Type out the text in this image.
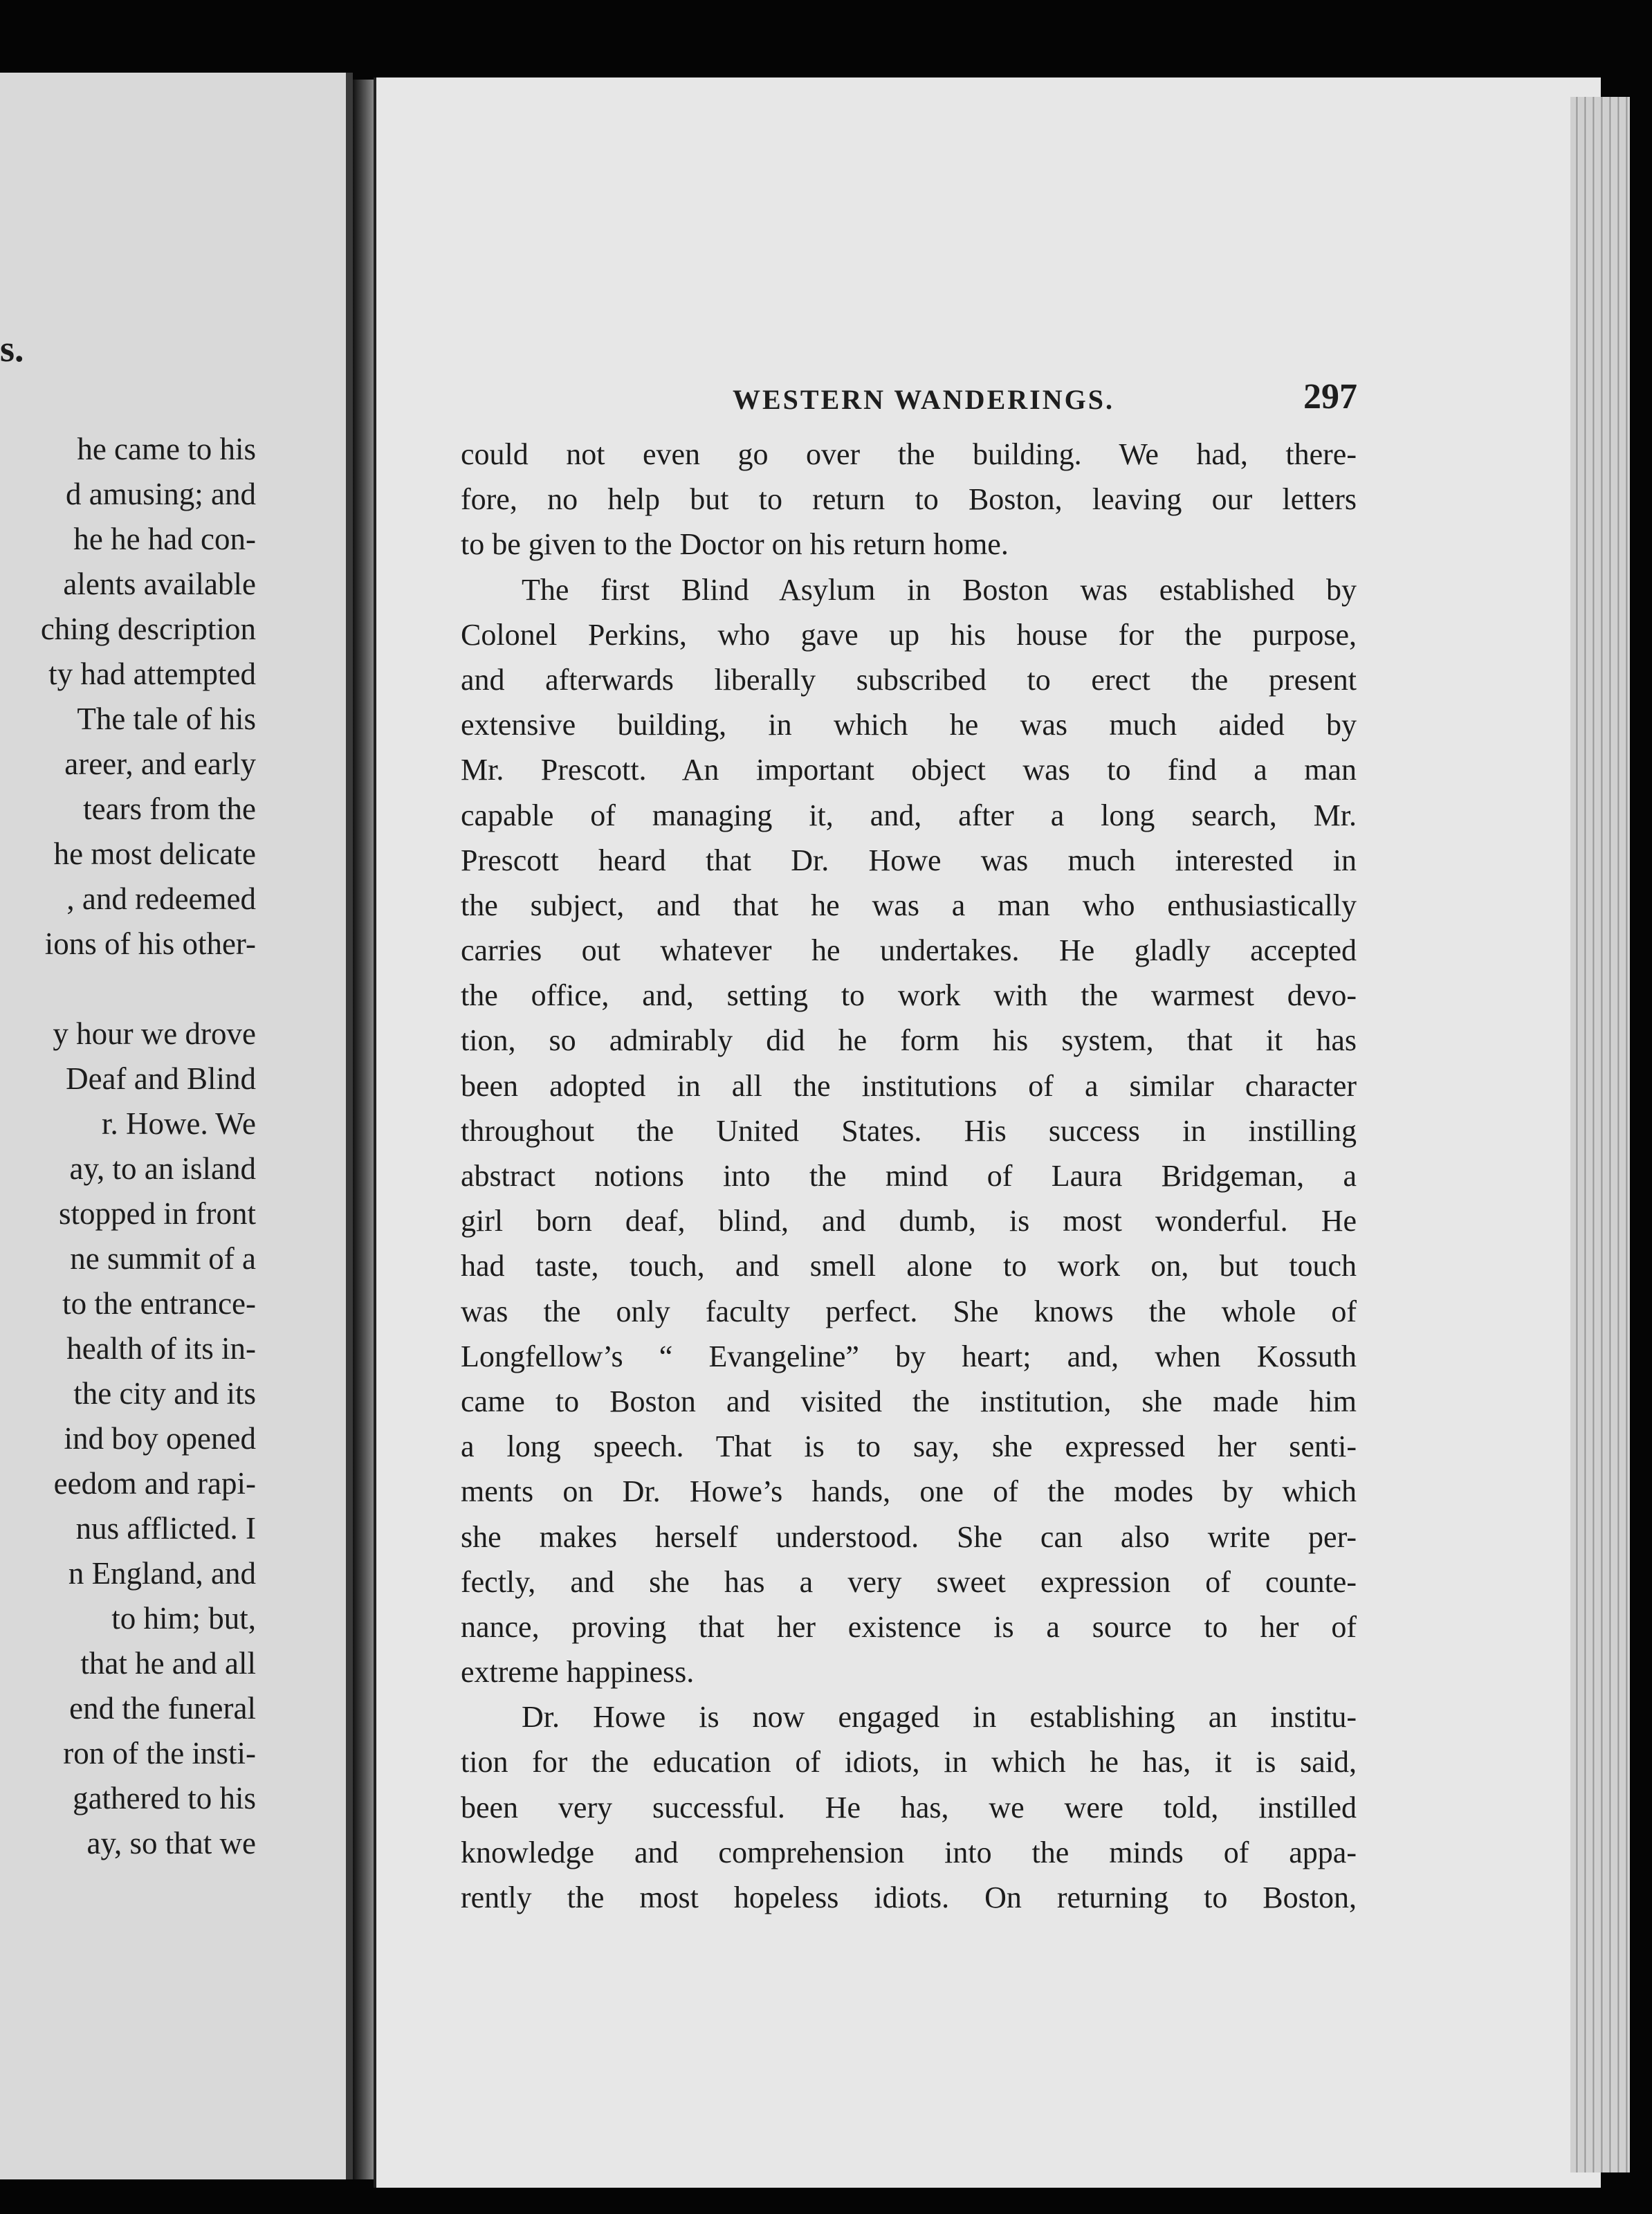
s.
he came to his
d amusing; and
he he had con-
alents available
ching description
ty had attempted
The tale of his
areer, and early
tears from the
he most delicate
, and redeemed
ions of his other-
y hour we drove
Deaf and Blind
r. Howe. We
ay, to an island
stopped in front
ne summit of a
to the entrance-
health of its in-
the city and its
ind boy opened
eedom and rapi-
nus afflicted. I
n England, and
to him; but,
that he and all
end the funeral
ron of the insti-
gathered to his
ay, so that we
WESTERN WANDERINGS.	297
could not even go over the building. We had, there-
fore, no help but to return to Boston, leaving our letters
to be given to the Doctor on his return home.
The first Blind Asylum in Boston was established by
Colonel Perkins, who gave up his house for the purpose,
and afterwards liberally subscribed to erect the present
extensive building, in which he was much aided by
Mr. Prescott. An important object was to find a man
capable of managing it, and, after a long search, Mr.
Prescott heard that Dr. Howe was much interested in
the subject, and that he was a man who enthusiastically
carries out whatever he undertakes. He gladly accepted
the office, and, setting to work with the warmest devo-
tion, so admirably did he form his system, that it has
been adopted in all the institutions of a similar character
throughout the United States. His success in instilling
abstract notions into the mind of Laura Bridgeman, a
girl born deaf, blind, and dumb, is most wonderful. He
had taste, touch, and smell alone to work on, but touch
was the only faculty perfect. She knows the whole of
Longfellow’s “ Evangeline” by heart; and, when Kossuth
came to Boston and visited the institution, she made him
a long speech. That is to say, she expressed her senti-
ments on Dr. Howe’s hands, one of the modes by which
she makes herself understood. She can also write per-
fectly, and she has a very sweet expression of counte-
nance, proving that her existence is a source to her of
extreme happiness.
Dr. Howe is now engaged in establishing an institu-
tion for the education of idiots, in which he has, it is said,
been very successful. He has, we were told, instilled
knowledge and comprehension into the minds of appa-
rently the most hopeless idiots. On returning to Boston,
